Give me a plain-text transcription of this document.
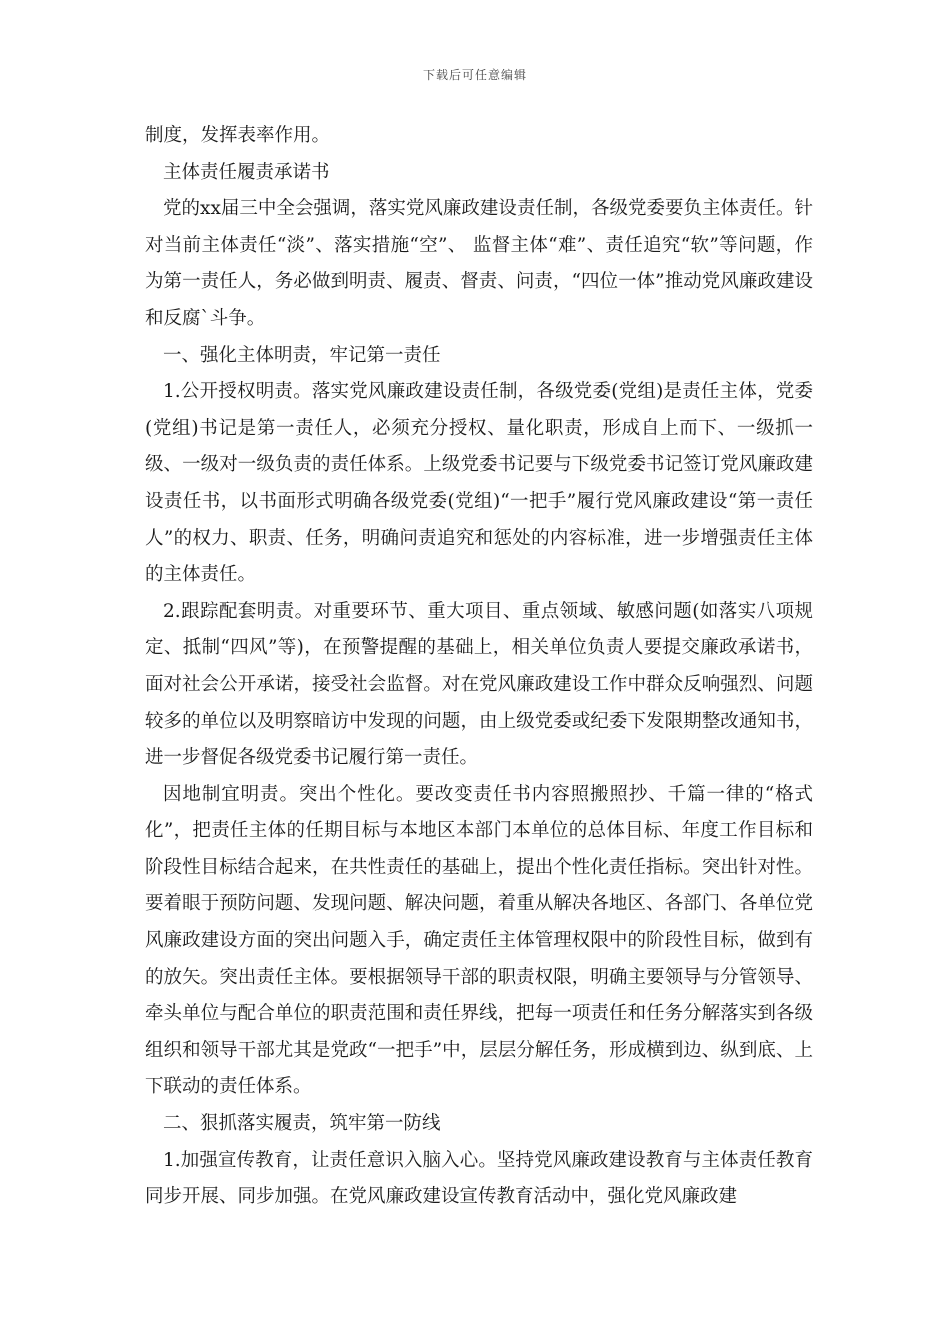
下载后可任意编辑

制度，发挥表率作用。

主体责任履责承诺书

党的xx届三中全会强调，落实党风廉政建设责任制，各级党委要负主体责任。针对当前主体责任“淡”、落实措施“空”、 监督主体“难”、责任追究“软”等问题，作为第一责任人，务必做到明责、履责、督责、问责，“四位一体”推动党风廉政建设和反腐`斗争。

一、强化主体明责，牢记第一责任

1.公开授权明责。落实党风廉政建设责任制，各级党委(党组)是责任主体，党委(党组)书记是第一责任人，必须充分授权、量化职责，形成自上而下、一级抓一级、一级对一级负责的责任体系。上级党委书记要与下级党委书记签订党风廉政建设责任书，以书面形式明确各级党委(党组)“一把手”履行党风廉政建设“第一责任人”的权力、职责、任务，明确问责追究和惩处的内容标准，进一步增强责任主体的主体责任。

2.跟踪配套明责。对重要环节、重大项目、重点领域、敏感问题(如落实八项规定、抵制“四风”等)，在预警提醒的基础上，相关单位负责人要提交廉政承诺书，面对社会公开承诺，接受社会监督。对在党风廉政建设工作中群众反响强烈、问题较多的单位以及明察暗访中发现的问题，由上级党委或纪委下发限期整改通知书，进一步督促各级党委书记履行第一责任。

因地制宜明责。突出个性化。要改变责任书内容照搬照抄、千篇一律的“格式化”，把责任主体的任期目标与本地区本部门本单位的总体目标、年度工作目标和阶段性目标结合起来，在共性责任的基础上，提出个性化责任指标。突出针对性。要着眼于预防问题、发现问题、解决问题，着重从解决各地区、各部门、各单位党风廉政建设方面的突出问题入手，确定责任主体管理权限中的阶段性目标，做到有的放矢。突出责任主体。要根据领导干部的职责权限，明确主要领导与分管领导、牵头单位与配合单位的职责范围和责任界线，把每一项责任和任务分解落实到各级组织和领导干部尤其是党政“一把手”中，层层分解任务，形成横到边、纵到底、上下联动的责任体系。

二、狠抓落实履责，筑牢第一防线

1.加强宣传教育，让责任意识入脑入心。坚持党风廉政建设教育与主体责任教育同步开展、同步加强。在党风廉政建设宣传教育活动中，强化党风廉政建
